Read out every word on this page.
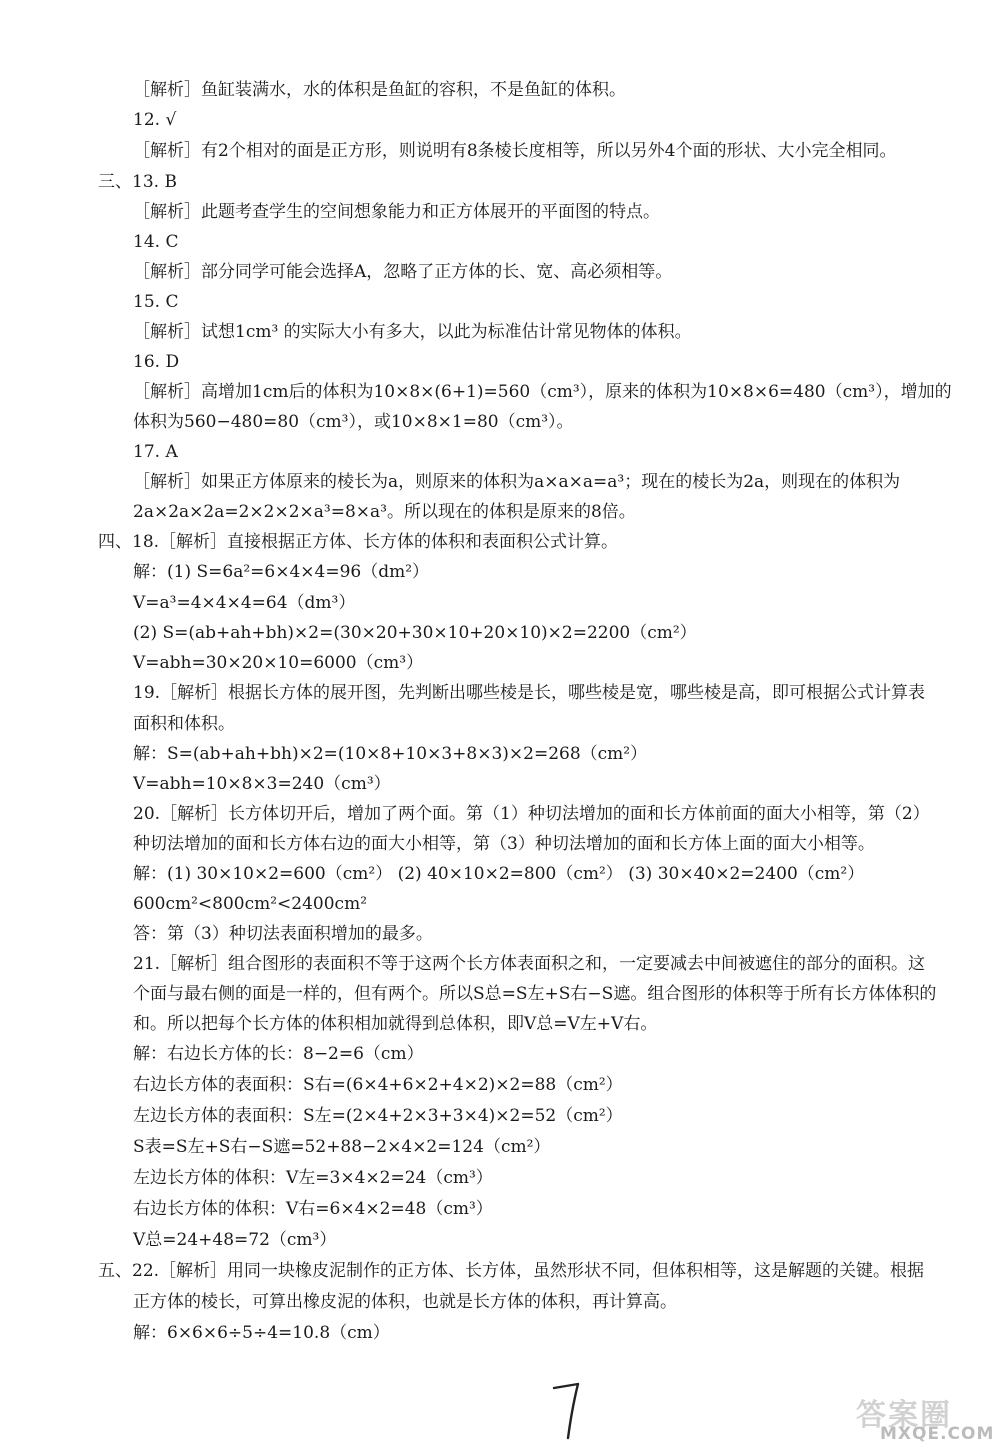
［解析］鱼缸装满水，水的体积是鱼缸的容积，不是鱼缸的体积。
12. √
［解析］有2个相对的面是正方形，则说明有8条棱长度相等，所以另外4个面的形状、大小完全相同。
三、13. B
［解析］此题考查学生的空间想象能力和正方体展开的平面图的特点。
14. C
［解析］部分同学可能会选择A，忽略了正方体的长、宽、高必须相等。
15. C
［解析］试想1cm³ 的实际大小有多大，以此为标准估计常见物体的体积。
16. D
［解析］高增加1cm后的体积为10×8×(6+1)=560（cm³），原来的体积为10×8×6=480（cm³），增加的
体积为560−480=80（cm³），或10×8×1=80（cm³）。
17. A
［解析］如果正方体原来的棱长为a，则原来的体积为a×a×a=a³；现在的棱长为2a，则现在的体积为
2a×2a×2a=2×2×2×a³=8×a³。所以现在的体积是原来的8倍。
四、18.［解析］直接根据正方体、长方体的体积和表面积公式计算。
解：(1) S=6a²=6×4×4=96（dm²）
V=a³=4×4×4=64（dm³）
(2) S=(ab+ah+bh)×2=(30×20+30×10+20×10)×2=2200（cm²）
V=abh=30×20×10=6000（cm³）
19.［解析］根据长方体的展开图，先判断出哪些棱是长，哪些棱是宽，哪些棱是高，即可根据公式计算表
面积和体积。
解：S=(ab+ah+bh)×2=(10×8+10×3+8×3)×2=268（cm²）
V=abh=10×8×3=240（cm³）
20.［解析］长方体切开后，增加了两个面。第（1）种切法增加的面和长方体前面的面大小相等，第（2）
种切法增加的面和长方体右边的面大小相等，第（3）种切法增加的面和长方体上面的面大小相等。
解：(1) 30×10×2=600（cm²） (2) 40×10×2=800（cm²） (3) 30×40×2=2400（cm²）
600cm²<800cm²<2400cm²
答：第（3）种切法表面积增加的最多。
21.［解析］组合图形的表面积不等于这两个长方体表面积之和，一定要减去中间被遮住的部分的面积。这
个面与最右侧的面是一样的，但有两个。所以S总=S左+S右−S遮。组合图形的体积等于所有长方体体积的
和。所以把每个长方体的体积相加就得到总体积，即V总=V左+V右。
解：右边长方体的长：8−2=6（cm）
右边长方体的表面积：S右=(6×4+6×2+4×2)×2=88（cm²）
左边长方体的表面积：S左=(2×4+2×3+3×4)×2=52（cm²）
S表=S左+S右−S遮=52+88−2×4×2=124（cm²）
左边长方体的体积：V左=3×4×2=24（cm³）
右边长方体的体积：V右=6×4×2=48（cm³）
V总=24+48=72（cm³）
五、22.［解析］用同一块橡皮泥制作的正方体、长方体，虽然形状不同，但体积相等，这是解题的关键。根据
正方体的棱长，可算出橡皮泥的体积，也就是长方体的体积，再计算高。
解：6×6×6÷5÷4=10.8（cm）
答案圈
MXQE.COM
